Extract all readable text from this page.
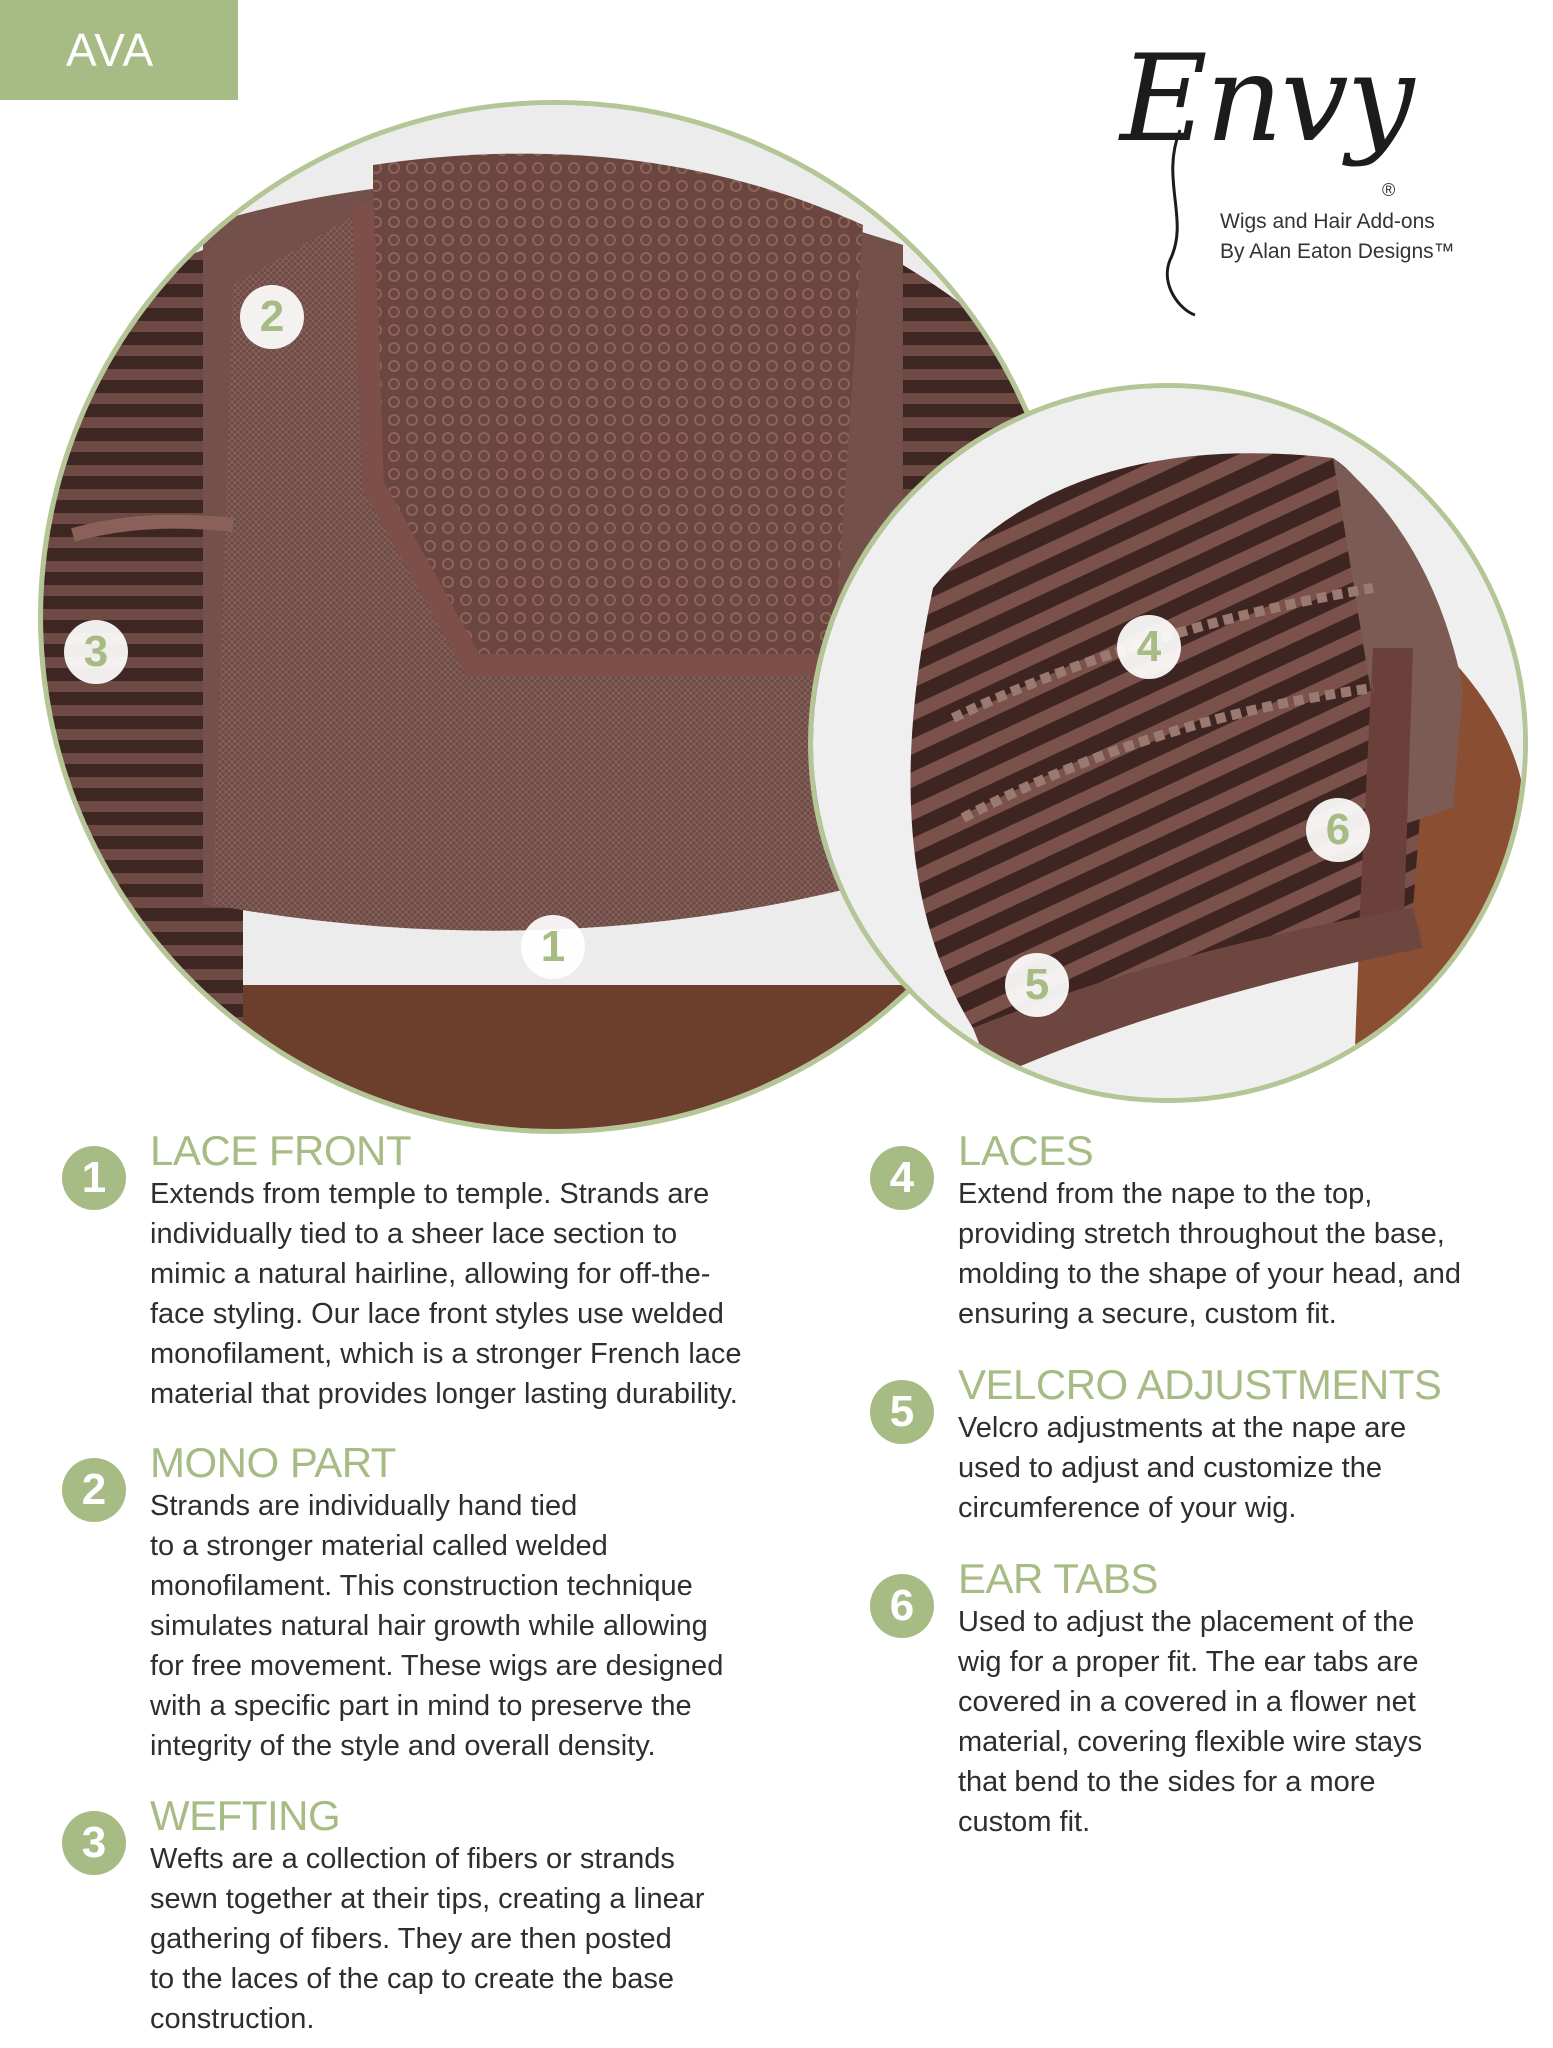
AVA	Envy
®
Wigs and Hair Add-ons
By Alan Eaton Designs™
2
3
1
4
6
5
1
LACE FRONT

Extends from temple to temple. Strands are
individually tied to a sheer lace section to
mimic a natural hairline, allowing for off-the-
face styling. Our lace front styles use welded
monofilament, which is a stronger French lace
material that provides longer lasting durability.

2
MONO PART

Strands are individually hand tied
to a stronger material called welded
monofilament. This construction technique
simulates natural hair growth while allowing
for free movement. These wigs are designed
with a specific part in mind to preserve the
integrity of the style and overall density.

3
WEFTING

Wefts are a collection of fibers or strands
sewn together at their tips, creating a linear
gathering of fibers. They are then posted
to the laces of the cap to create the base
construction.

4
LACES

Extend from the nape to the top,
providing stretch throughout the base,
molding to the shape of your head, and
ensuring a secure, custom fit.

5
VELCRO ADJUSTMENTS

Velcro adjustments at the nape are
used to adjust and customize the
circumference of your wig.

6
EAR TABS

Used to adjust the placement of the
wig for a proper fit. The ear tabs are
covered in a covered in a flower net
material, covering flexible wire stays
that bend to the sides for a more
custom fit.
